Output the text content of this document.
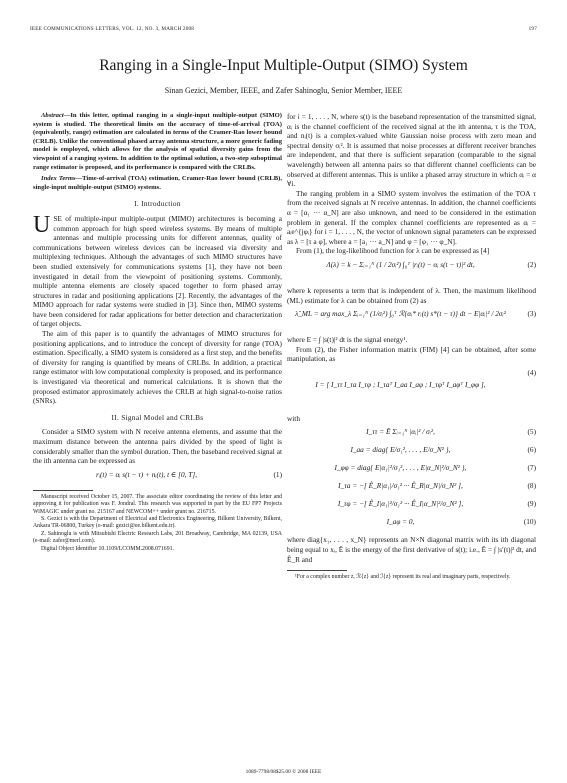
IEEE COMMUNICATIONS LETTERS, VOL. 12, NO. 3, MARCH 2008	197
Ranging in a Single-Input Multiple-Output (SIMO) System
Sinan Gezici, Member, IEEE, and Zafer Sahinoglu, Senior Member, IEEE

Abstract—In this letter, optimal ranging in a single-input multiple-output (SIMO) system is studied. The theoretical limits on the accuracy of time-of-arrival (TOA) (equivalently, range) estimation are calculated in terms of the Cramer-Rao lower bound (CRLB). Unlike the conventional phased array antenna structure, a more generic fading model is employed, which allows for the analysis of spatial diversity gains from the viewpoint of a ranging system. In addition to the optimal solution, a two-step suboptimal range estimator is proposed, and its performance is compared with the CRLBs.

Index Terms—Time-of-arrival (TOA) estimation, Cramer-Rao lower bound (CRLB), single-input multiple-output (SIMO) systems.

I. Introduction

USE of multiple-input multiple-output (MIMO) architectures is becoming a common approach for high speed wireless systems. By means of multiple antennas and multiple processing units for different antennas, quality of communications between wireless devices can be increased via diversity and multiplexing techniques. Although the advantages of such MIMO structures have been studied extensively for communications systems [1], they have not been investigated in detail from the viewpoint of positioning systems. Commonly, multiple antenna elements are closely spaced together to form phased array structures in radar and positioning applications [2]. Recently, the advantages of the MIMO approach for radar systems were studied in [3]. Since then, MIMO systems have been considered for radar applications for better detection and characterization of target objects.

The aim of this paper is to quantify the advantages of MIMO structures for positioning applications, and to introduce the concept of diversity for range (TOA) estimation. Specifically, a SIMO system is considered as a first step, and the benefits of diversity for ranging is quantified by means of CRLBs. In addition, a practical range estimator with low computational complexity is proposed, and its performance is investigated via theoretical and numerical calculations. It is shown that the proposed estimator approximately achieves the CRLB at high signal-to-noise ratios (SNRs).

II. Signal Model and CRLBs

Consider a SIMO system with N receive antenna elements, and assume that the maximum distance between the antenna pairs divided by the speed of light is considerably smaller than the symbol duration. Then, the baseband received signal at the ith antenna can be expressed as

rᵢ(t) = αᵢ s(t − τ) + nᵢ(t), t ∈ [0, T],	(1)

Manuscript received October 15, 2007. The associate editor coordinating the review of this letter and approving it for publication was F. Jondral. This research was supported in part by the EU FP7 Projects WiMAGIC under grant no. 215167 and NEWCOM++ under grant no. 216715.

S. Gezici is with the Department of Electrical and Electronics Engineering, Bilkent University, Bilkent, Ankara TR-06800, Turkey (e-mail: gezici@ee.bilkent.edu.tr).

Z. Sahinoglu is with Mitsubishi Electric Research Labs, 201 Broadway, Cambridge, MA 02139, USA (e-mail: zafer@merl.com).

Digital Object Identifier 10.1109/LCOMM.2008.071691.

for i = 1, . . . , N, where s(t) is the baseband representation of the transmitted signal, αᵢ is the channel coefficient of the received signal at the ith antenna, τ is the TOA, and nᵢ(t) is a complex-valued white Gaussian noise process with zero mean and spectral density σᵢ². It is assumed that noise processes at different receiver branches are independent, and that there is sufficient separation (comparable to the signal wavelength) between all antenna pairs so that different channel coefficients can be observed at different antennas. This is unlike a phased array structure in which αᵢ = α ∀i.

The ranging problem in a SIMO system involves the estimation of the TOA τ from the received signals at N receive antennas. In addition, the channel coefficients α = [α₁ ··· α_N] are also unknown, and need to be considered in the estimation problem in general. If the complex channel coefficients are represented as αᵢ = aᵢe^{jφᵢ} for i = 1, . . . , N, the vector of unknown signal parameters can be expressed as λ = [τ a φ], where a = [a₁ ··· a_N] and φ = [φ₁ ··· φ_N].

From (1), the log-likelihood function for λ can be expressed as [4]

Λ(λ) = k − Σᵢ₌₁ᴺ (1 / 2σᵢ²) ∫₀ᵀ |rᵢ(t) − αᵢ s(t − τ)|² dt,	(2)

where k represents a term that is independent of λ. Then, the maximum likelihood (ML) estimate for λ can be obtained from (2) as

λ̂_ML = arg max_λ Σᵢ₌₁ᴺ (1/σᵢ²) ∫₀ᵀ ℛ{αᵢ* rᵢ(t) s*(t − τ)} dt − E|αᵢ|² / 2σᵢ²	(3)

where E = ∫ |s(t)|² dt is the signal energy¹.

From (2), the Fisher information matrix (FIM) [4] can be obtained, after some manipulation, as

I = [ I_ττ I_τa I_τφ ; I_τaᵀ I_aa I_aφ ; I_τφᵀ I_aφᵀ I_φφ ],
(4)

with

I_ττ = Ẽ Σᵢ₌₁ᴺ |αᵢ|² / σᵢ²,	(5)
I_aa = diag{ E/σ₁², . . . , E/σ_N² },	(6)
I_φφ = diag{ E|α₁|²/σ₁², . . . , E|α_N|²/σ_N² },	(7)
I_τa = −[ Ê_R|α₁|/σ₁² ··· Ê_R|α_N|/σ_N² ],	(8)
I_τφ = −[ Ê_I|α₁|²/σ₁² ··· Ê_I|α_N|²/σ_N² ],	(9)
I_aφ = 0,	(10)

where diag{x₁, . . . , x_N} represents an N×N diagonal matrix with its ith diagonal being equal to xᵢ, Ẽ is the energy of the first derivative of s(t); i.e., Ẽ = ∫ |s′(t)|² dt, and Ê_R and

¹For a complex number z, ℛ{z} and ℐ{z} represent its real and imaginary parts, respectively.

1089-7798/08$25.00 © 2008 IEEE
